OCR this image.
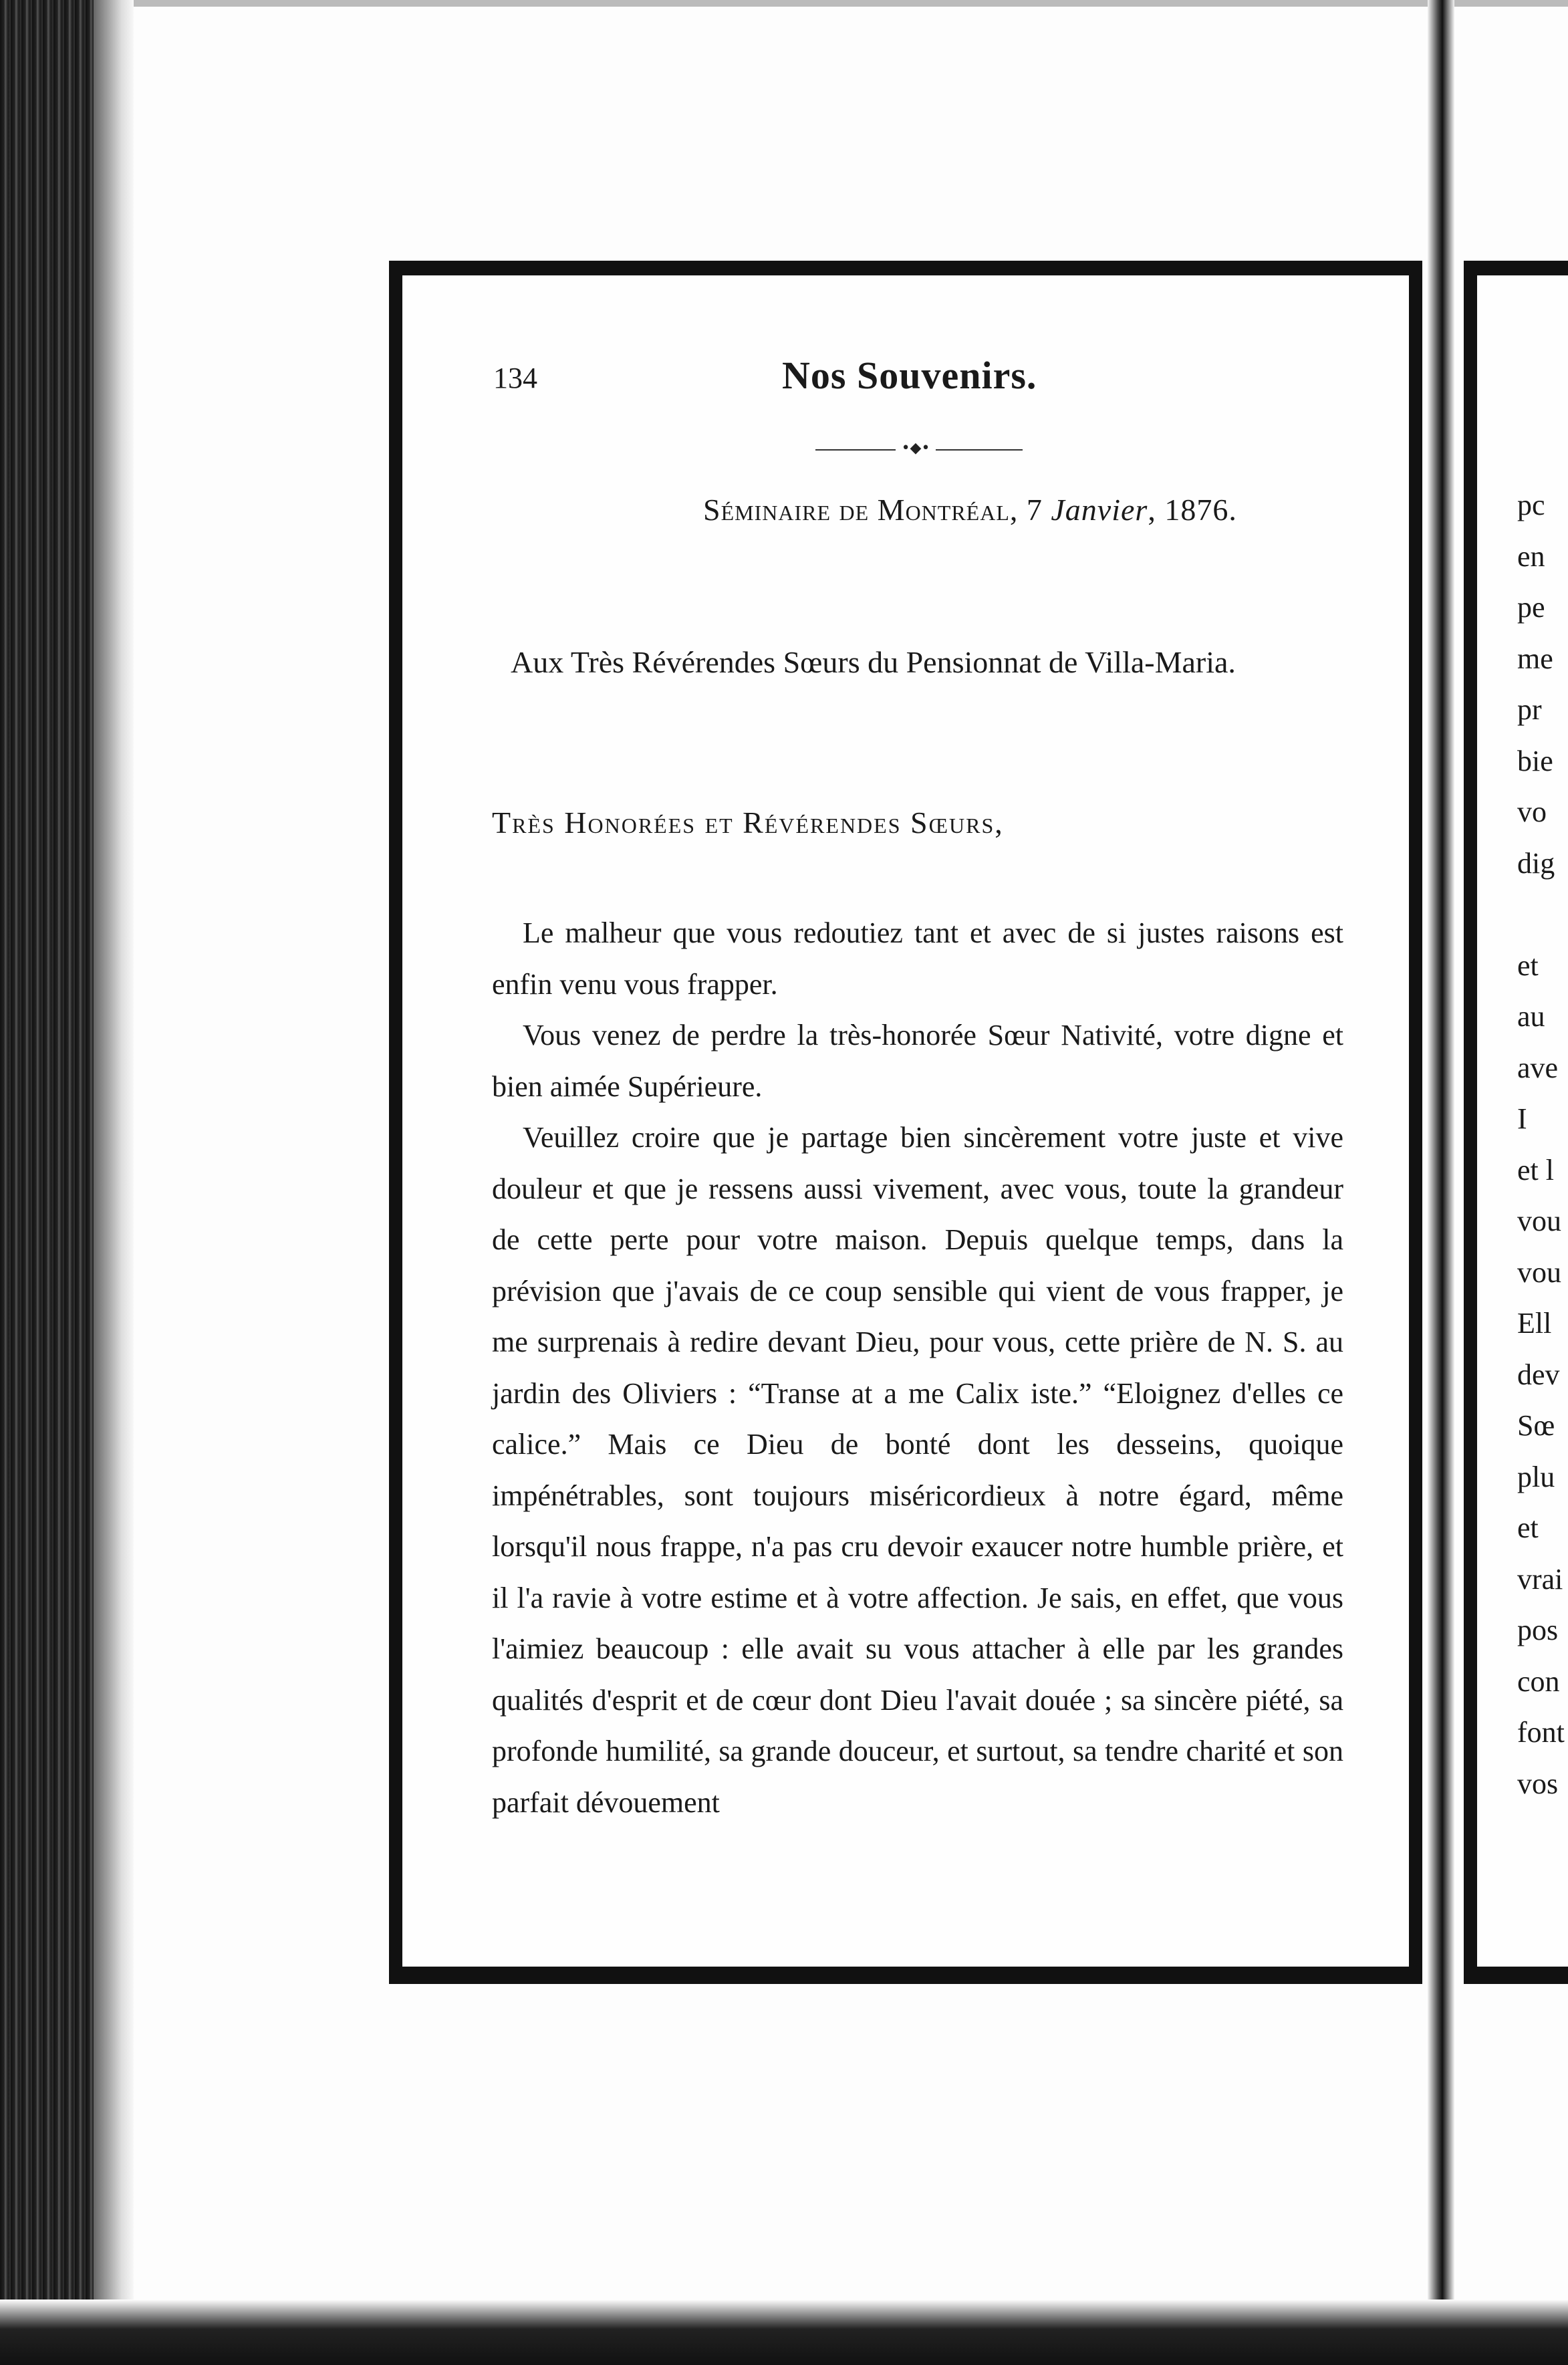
134	Nos Souvenirs.
•◆•
Séminaire de Montréal, 7 Janvier, 1876.
Aux Très Révérendes Sœurs du Pensionnat de Villa-Maria.
Très Honorées et Révérendes Sœurs,

Le malheur que vous redoutiez tant et avec de si justes raisons est enfin venu vous frapper.

Vous venez de perdre la très-honorée Sœur Nativité, votre digne et bien aimée Supérieure.

Veuillez croire que je partage bien sincèrement votre juste et vive douleur et que je ressens aussi vivement, avec vous, toute la grandeur de cette perte pour votre maison. Depuis quelque temps, dans la prévision que j'avais de ce coup sensible qui vient de vous frapper, je me surprenais à redire devant Dieu, pour vous, cette prière de N. S. au jardin des Oliviers : “Transe at a me Calix iste.” “Eloignez d'elles ce calice.” Mais ce Dieu de bonté dont les desseins, quoique impénétrables, sont toujours miséricordieux à notre égard, même lorsqu'il nous frappe, n'a pas cru devoir exaucer notre humble prière, et il l'a ravie à votre estime et à votre affection. Je sais, en effet, que vous l'aimiez beaucoup : elle avait su vous attacher à elle par les grandes qualités d'esprit et de cœur dont Dieu l'avait douée ; sa sincère piété, sa profonde humilité, sa grande douceur, et surtout, sa tendre charité et son parfait dévouement

pc
en
pe
me
pr
bie
vo
dig
et
au
ave
I
et l
vou
vou
Ell
dev
Sœ
plu
et
vrai
pos
con
font
vos
